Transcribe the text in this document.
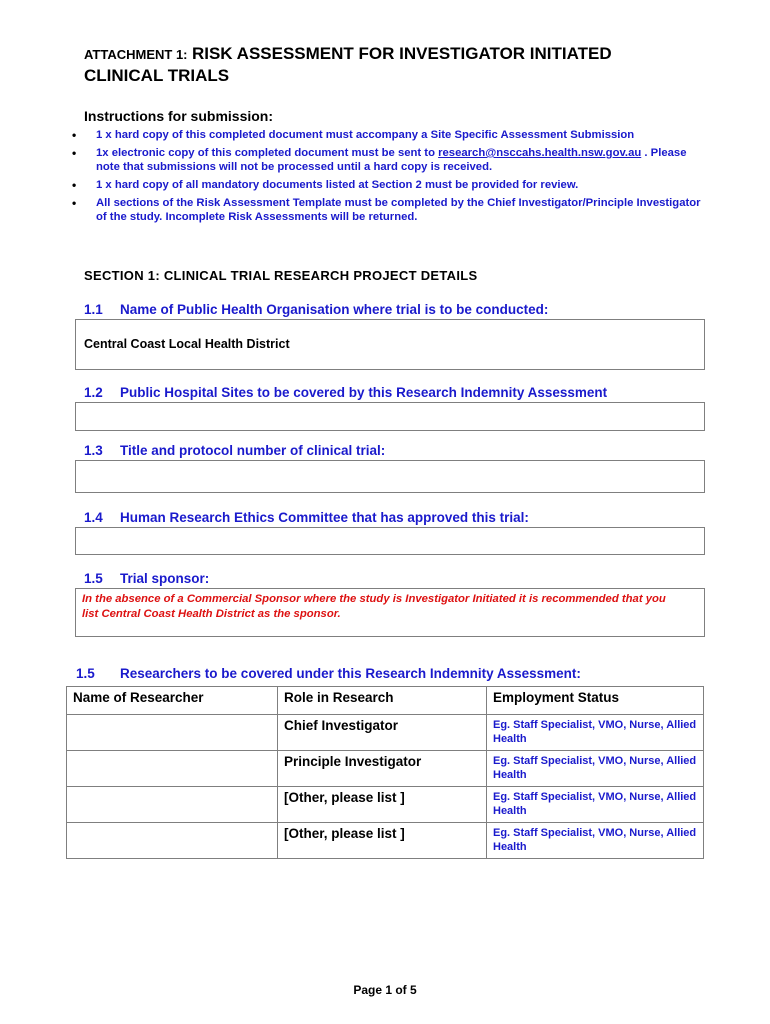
ATTACHMENT 1: RISK ASSESSMENT FOR INVESTIGATOR INITIATED
CLINICAL TRIALS
Instructions for submission:
• 1 x hard copy of this completed document must accompany a Site Specific Assessment Submission
• 1x electronic copy of this completed document must be sent to research@nsccahs.health.nsw.gov.au . Please note that submissions will not be processed until a hard copy is received.
• 1 x hard copy of all mandatory documents listed at Section 2 must be provided for review.
• All sections of the Risk Assessment Template must be completed by the Chief Investigator/Principle Investigator of the study. Incomplete Risk Assessments will be returned.
SECTION 1: CLINICAL TRIAL RESEARCH PROJECT DETAILS
1.1 Name of Public Health Organisation where trial is to be conducted:
Central Coast Local Health District
1.2 Public Hospital Sites to be covered by this Research Indemnity Assessment
1.3 Title and protocol number of clinical trial:
1.4 Human Research Ethics Committee that has approved this trial:
1.5 Trial sponsor:
In the absence of a Commercial Sponsor where the study is Investigator Initiated it is recommended that you list Central Coast Health District as the sponsor.
1.5 Researchers to be covered under this Research Indemnity Assessment:
Name of Researcher	Role in Research	Employment Status
	Chief Investigator	Eg. Staff Specialist, VMO, Nurse, Allied Health
	Principle Investigator	Eg. Staff Specialist, VMO, Nurse, Allied Health
	[Other, please list ]	Eg. Staff Specialist, VMO, Nurse, Allied Health
	[Other, please list ]	Eg. Staff Specialist, VMO, Nurse, Allied Health
Page 1 of 5
